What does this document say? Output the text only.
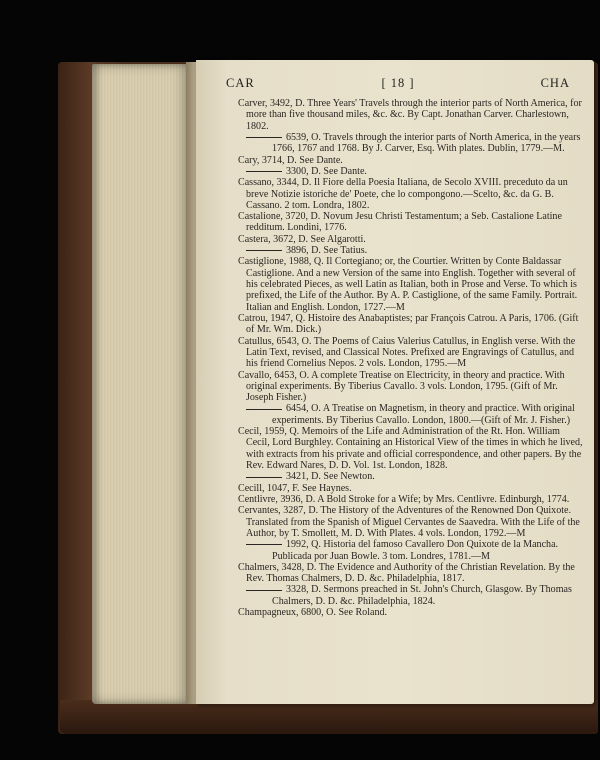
CAR	[ 18 ]	CHA

Carver, 3492, D. Three Years' Travels through the interior parts of North America, for more than five thousand miles, &c. &c. By Capt. Jonathan Carver. Charlestown, 1802.

6539, O. Travels through the interior parts of North America, in the years 1766, 1767 and 1768. By J. Carver, Esq. With plates. Dublin, 1779.—M.

Cary, 3714, D. See Dante.

3300, D. See Dante.

Cassano, 3344, D. Il Fiore della Poesia Italiana, de Secolo XVIII. preceduto da un breve Notizie istoriche de' Poete, che lo compongono.—Scelto, &c. da G. B. Cassano. 2 tom. Londra, 1802.

Castalione, 3720, D. Novum Jesu Christi Testamentum; a Seb. Castalione Latine redditum. Londini, 1776.

Castera, 3672, D. See Algarotti.

3896, D. See Tatius.

Castiglione, 1988, Q. Il Cortegiano; or, the Courtier. Written by Conte Baldassar Castiglione. And a new Version of the same into English. Together with several of his celebrated Pieces, as well Latin as Italian, both in Prose and Verse. To which is prefixed, the Life of the Author. By A. P. Castiglione, of the same Family. Portrait. Italian and English. London, 1727.—M

Catrou, 1947, Q. Histoire des Anabaptistes; par François Catrou. A Paris, 1706. (Gift of Mr. Wm. Dick.)

Catullus, 6543, O. The Poems of Caius Valerius Catullus, in English verse. With the Latin Text, revised, and Classical Notes. Prefixed are Engravings of Catullus, and his friend Cornelius Nepos. 2 vols. London, 1795.—M

Cavallo, 6453, O. A complete Treatise on Electricity, in theory and practice. With original experiments. By Tiberius Cavallo. 3 vols. London, 1795. (Gift of Mr. Joseph Fisher.)

6454, O. A Treatise on Magnetism, in theory and practice. With original experiments. By Tiberius Cavallo. London, 1800.—(Gift of Mr. J. Fisher.)

Cecil, 1959, Q. Memoirs of the Life and Administration of the Rt. Hon. William Cecil, Lord Burghley. Containing an Historical View of the times in which he lived, with extracts from his private and official correspondence, and other papers. By the Rev. Edward Nares, D. D. Vol. 1st. London, 1828.

3421, D. See Newton.

Cecill, 1047, F. See Haynes.

Centlivre, 3936, D. A Bold Stroke for a Wife; by Mrs. Centlivre. Edinburgh, 1774.

Cervantes, 3287, D. The History of the Adventures of the Renowned Don Quixote. Translated from the Spanish of Miguel Cervantes de Saavedra. With the Life of the Author, by T. Smollett, M. D. With Plates. 4 vols. London, 1792.—M

1992, Q. Historia del famoso Cavallero Don Quixote de la Mancha. Publicada por Juan Bowle. 3 tom. Londres, 1781.—M

Chalmers, 3428, D. The Evidence and Authority of the Christian Revelation. By the Rev. Thomas Chalmers, D. D. &c. Philadelphia, 1817.

3328, D. Sermons preached in St. John's Church, Glasgow. By Thomas Chalmers, D. D. &c. Philadelphia, 1824.

Champagneux, 6800, O. See Roland.
